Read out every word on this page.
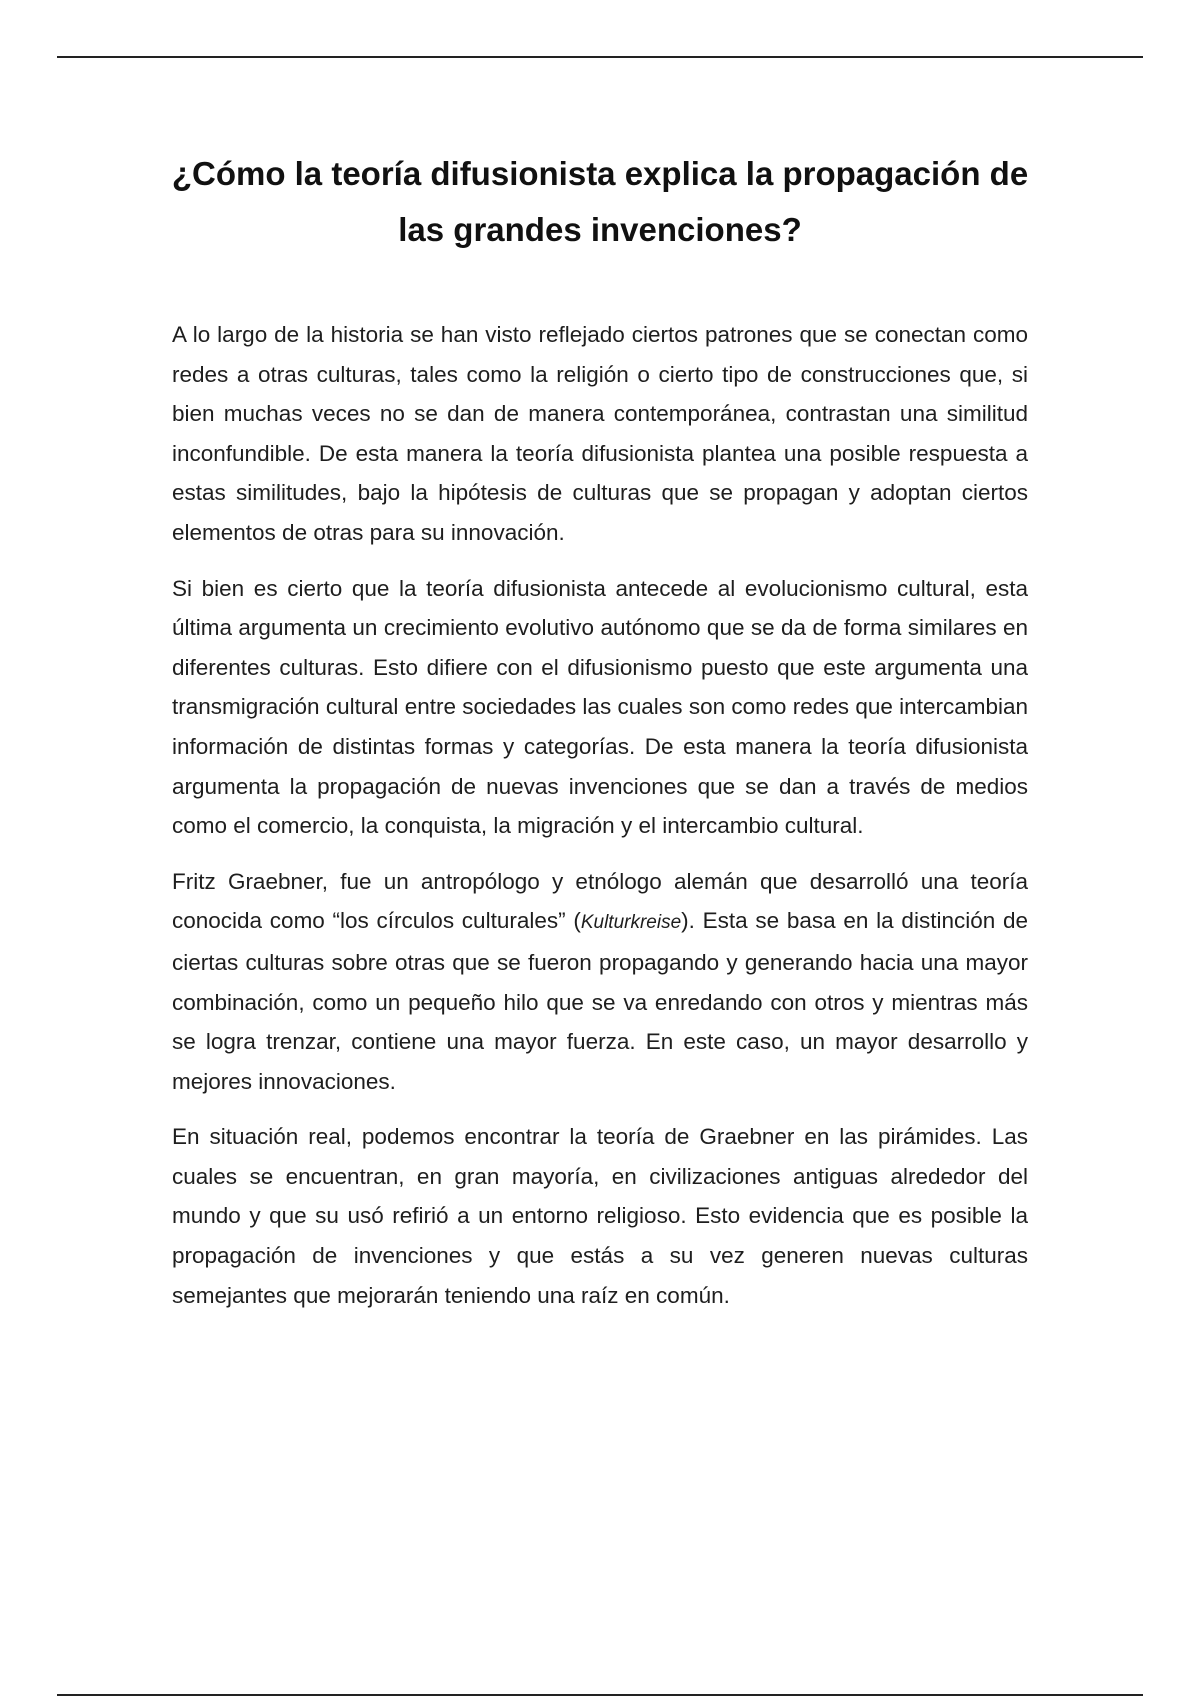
¿Cómo la teoría difusionista explica la propagación de las grandes invenciones?

A lo largo de la historia se han visto reflejado ciertos patrones que se conectan como redes a otras culturas, tales como la religión o cierto tipo de construcciones que, si bien muchas veces no se dan de manera contemporánea, contrastan una similitud inconfundible. De esta manera la teoría difusionista plantea una posible respuesta a estas similitudes, bajo la hipótesis de culturas que se propagan y adoptan ciertos elementos de otras para su innovación.

Si bien es cierto que la teoría difusionista antecede al evolucionismo cultural, esta última argumenta un crecimiento evolutivo autónomo que se da de forma similares en diferentes culturas. Esto difiere con el difusionismo puesto que este argumenta una transmigración cultural entre sociedades las cuales son como redes que intercambian información de distintas formas y categorías. De esta manera la teoría difusionista argumenta la propagación de nuevas invenciones que se dan a través de medios como el comercio, la conquista, la migración y el intercambio cultural.

Fritz Graebner, fue un antropólogo y etnólogo alemán que desarrolló una teoría conocida como “los círculos culturales” (Kulturkreise). Esta se basa en la distinción de ciertas culturas sobre otras que se fueron propagando y generando hacia una mayor combinación, como un pequeño hilo que se va enredando con otros y mientras más se logra trenzar, contiene una mayor fuerza. En este caso, un mayor desarrollo y mejores innovaciones.

En situación real, podemos encontrar la teoría de Graebner en las pirámides. Las cuales se encuentran, en gran mayoría, en civilizaciones antiguas alrededor del mundo y que su usó refirió a un entorno religioso. Esto evidencia que es posible la propagación de invenciones y que estás a su vez generen nuevas culturas semejantes que mejorarán teniendo una raíz en común.
